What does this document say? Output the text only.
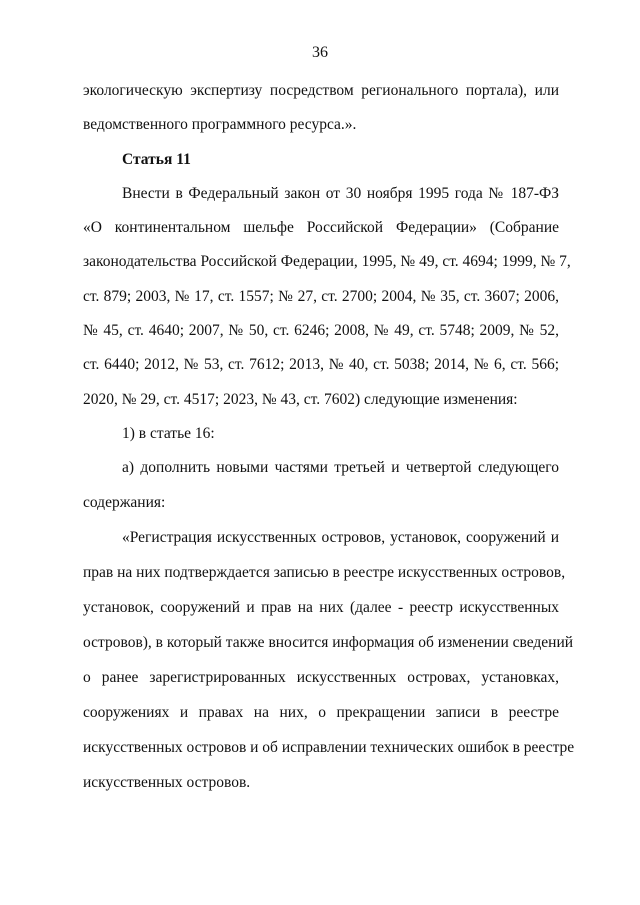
36
экологическую экспертизу посредством регионального портала), или
ведомственного программного ресурса.».
Статья 11
Внести в Федеральный закон от 30 ноября 1995 года № 187-ФЗ
«О континентальном шельфе Российской Федерации» (Собрание
законодательства Российской Федерации, 1995, № 49, ст. 4694; 1999, № 7,
ст. 879; 2003, № 17, ст. 1557; № 27, ст. 2700; 2004, № 35, ст. 3607; 2006,
№ 45, ст. 4640; 2007, № 50, ст. 6246; 2008, № 49, ст. 5748; 2009, № 52,
ст. 6440; 2012, № 53, ст. 7612; 2013, № 40, ст. 5038; 2014, № 6, ст. 566;
2020, № 29, ст. 4517; 2023, № 43, ст. 7602) следующие изменения:
1) в статье 16:
а) дополнить новыми частями третьей и четвертой следующего
содержания:
«Регистрация искусственных островов, установок, сооружений и
прав на них подтверждается записью в реестре искусственных островов,
установок, сооружений и прав на них (далее - реестр искусственных
островов), в который также вносится информация об изменении сведений
о ранее зарегистрированных искусственных островах, установках,
сооружениях и правах на них, о прекращении записи в реестре
искусственных островов и об исправлении технических ошибок в реестре
искусственных островов.
